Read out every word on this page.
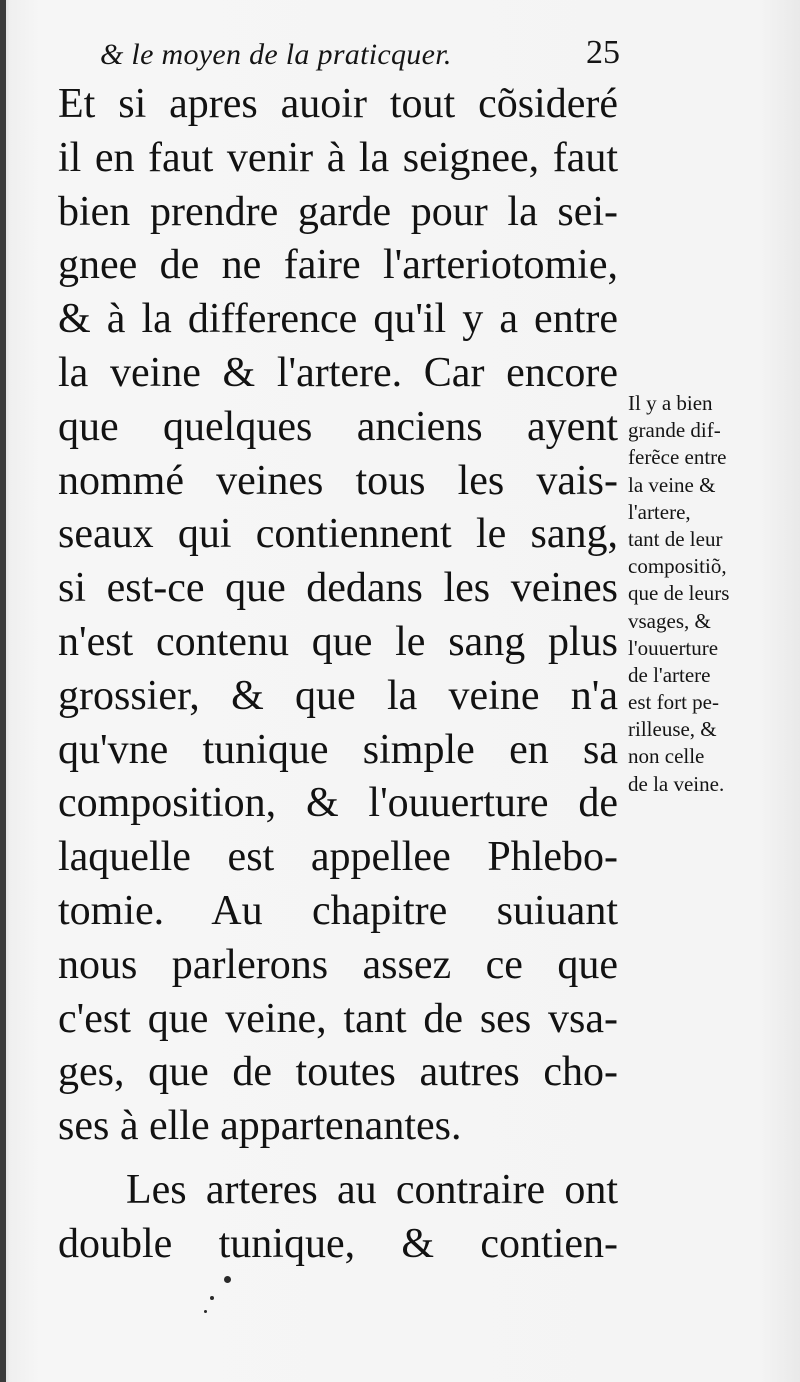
& le moyen de la praticquer.	25
Et si apres auoir tout cõsideré
il en faut venir à la seignee, faut
bien prendre garde pour la sei-
gnee de ne faire l'arteriotomie,
& à la difference qu'il y a entre
la veine & l'artere. Car encore
que quelques anciens ayent
nommé veines tous les vais-
seaux qui contiennent le sang,
si est-ce que dedans les veines
n'est contenu que le sang plus
grossier, & que la veine n'a
qu'vne tunique simple en sa
composition, & l'ouuerture de
laquelle est appellee Phlebo-
tomie. Au chapitre suiuant
nous parlerons assez ce que
c'est que veine, tant de ses vsa-
ges, que de toutes autres cho-
ses à elle appartenantes.
Les arteres au contraire ont
double tunique, & contien-
Il y a bien
grande dif-
ferẽce entre
la veine &
l'artere,
tant de leur
compositiõ,
que de leurs
vsages, &
l'ouuerture
de l'artere
est fort pe-
rilleuse, &
non celle
de la veine.
